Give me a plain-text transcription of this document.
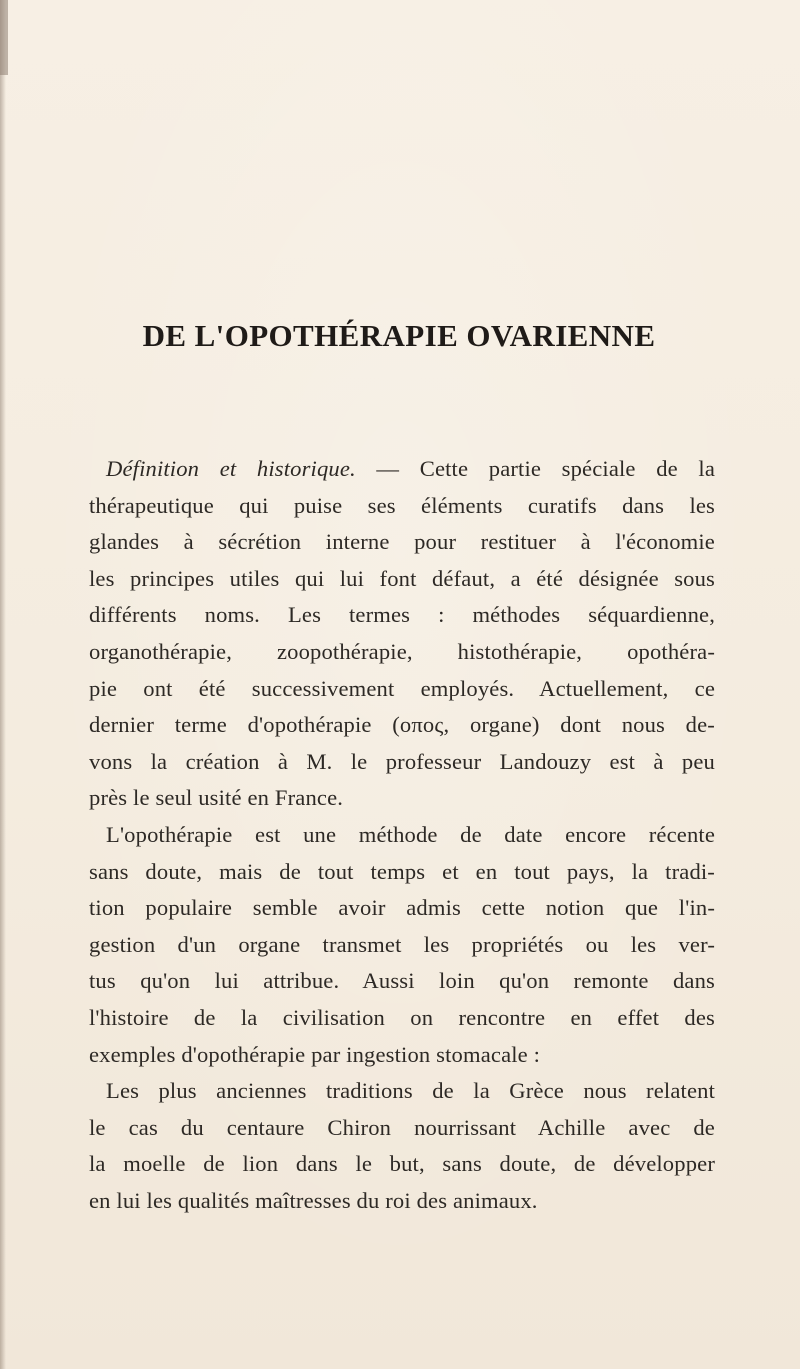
DE L'OPOTHÉRAPIE OVARIENNE
Définition et historique. — Cette partie spéciale de la
thérapeutique qui puise ses éléments curatifs dans les
glandes à sécrétion interne pour restituer à l'économie
les principes utiles qui lui font défaut, a été désignée sous
différents noms. Les termes : méthodes séquardienne,
organothérapie, zoopothérapie, histothérapie, opothéra-
pie ont été successivement employés. Actuellement, ce
dernier terme d'opothérapie (oπoς, organe) dont nous de-
vons la création à M. le professeur Landouzy est à peu
près le seul usité en France.
L'opothérapie est une méthode de date encore récente
sans doute, mais de tout temps et en tout pays, la tradi-
tion populaire semble avoir admis cette notion que l'in-
gestion d'un organe transmet les propriétés ou les ver-
tus qu'on lui attribue. Aussi loin qu'on remonte dans
l'histoire de la civilisation on rencontre en effet des
exemples d'opothérapie par ingestion stomacale :
Les plus anciennes traditions de la Grèce nous relatent
le cas du centaure Chiron nourrissant Achille avec de
la moelle de lion dans le but, sans doute, de développer
en lui les qualités maîtresses du roi des animaux.
